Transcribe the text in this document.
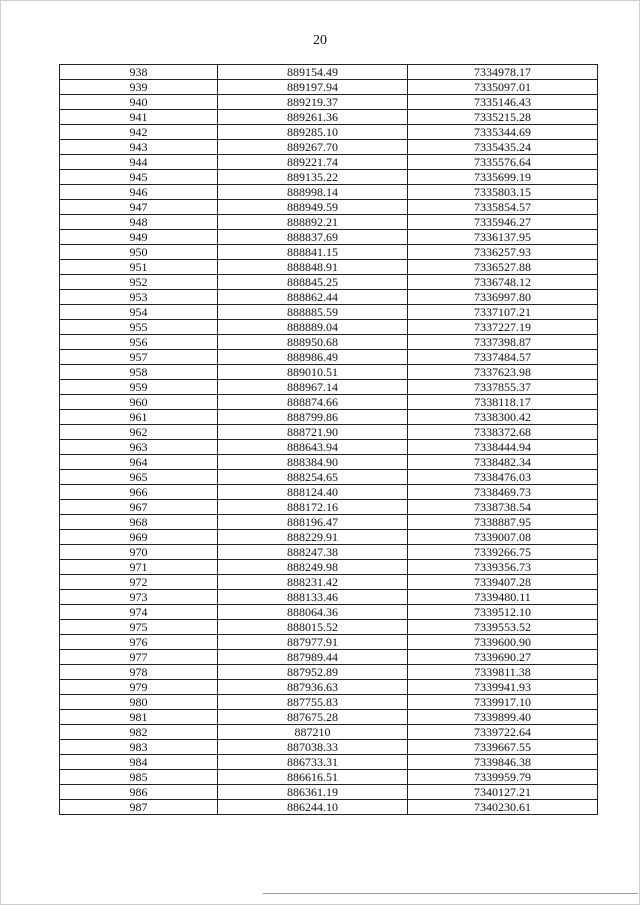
20
938	889154.49	7334978.17
939	889197.94	7335097.01
940	889219.37	7335146.43
941	889261.36	7335215.28
942	889285.10	7335344.69
943	889267.70	7335435.24
944	889221.74	7335576.64
945	889135.22	7335699.19
946	888998.14	7335803.15
947	888949.59	7335854.57
948	888892.21	7335946.27
949	888837.69	7336137.95
950	888841.15	7336257.93
951	888848.91	7336527.88
952	888845.25	7336748.12
953	888862.44	7336997.80
954	888885.59	7337107.21
955	888889.04	7337227.19
956	888950.68	7337398.87
957	888986.49	7337484.57
958	889010.51	7337623.98
959	888967.14	7337855.37
960	888874.66	7338118.17
961	888799.86	7338300.42
962	888721.90	7338372.68
963	888643.94	7338444.94
964	888384.90	7338482.34
965	888254.65	7338476.03
966	888124.40	7338469.73
967	888172.16	7338738.54
968	888196.47	7338887.95
969	888229.91	7339007.08
970	888247.38	7339266.75
971	888249.98	7339356.73
972	888231.42	7339407.28
973	888133.46	7339480.11
974	888064.36	7339512.10
975	888015.52	7339553.52
976	887977.91	7339600.90
977	887989.44	7339690.27
978	887952.89	7339811.38
979	887936.63	7339941.93
980	887755.83	7339917.10
981	887675.28	7339899.40
982	887210	7339722.64
983	887038.33	7339667.55
984	886733.31	7339846.38
985	886616.51	7339959.79
986	886361.19	7340127.21
987	886244.10	7340230.61
